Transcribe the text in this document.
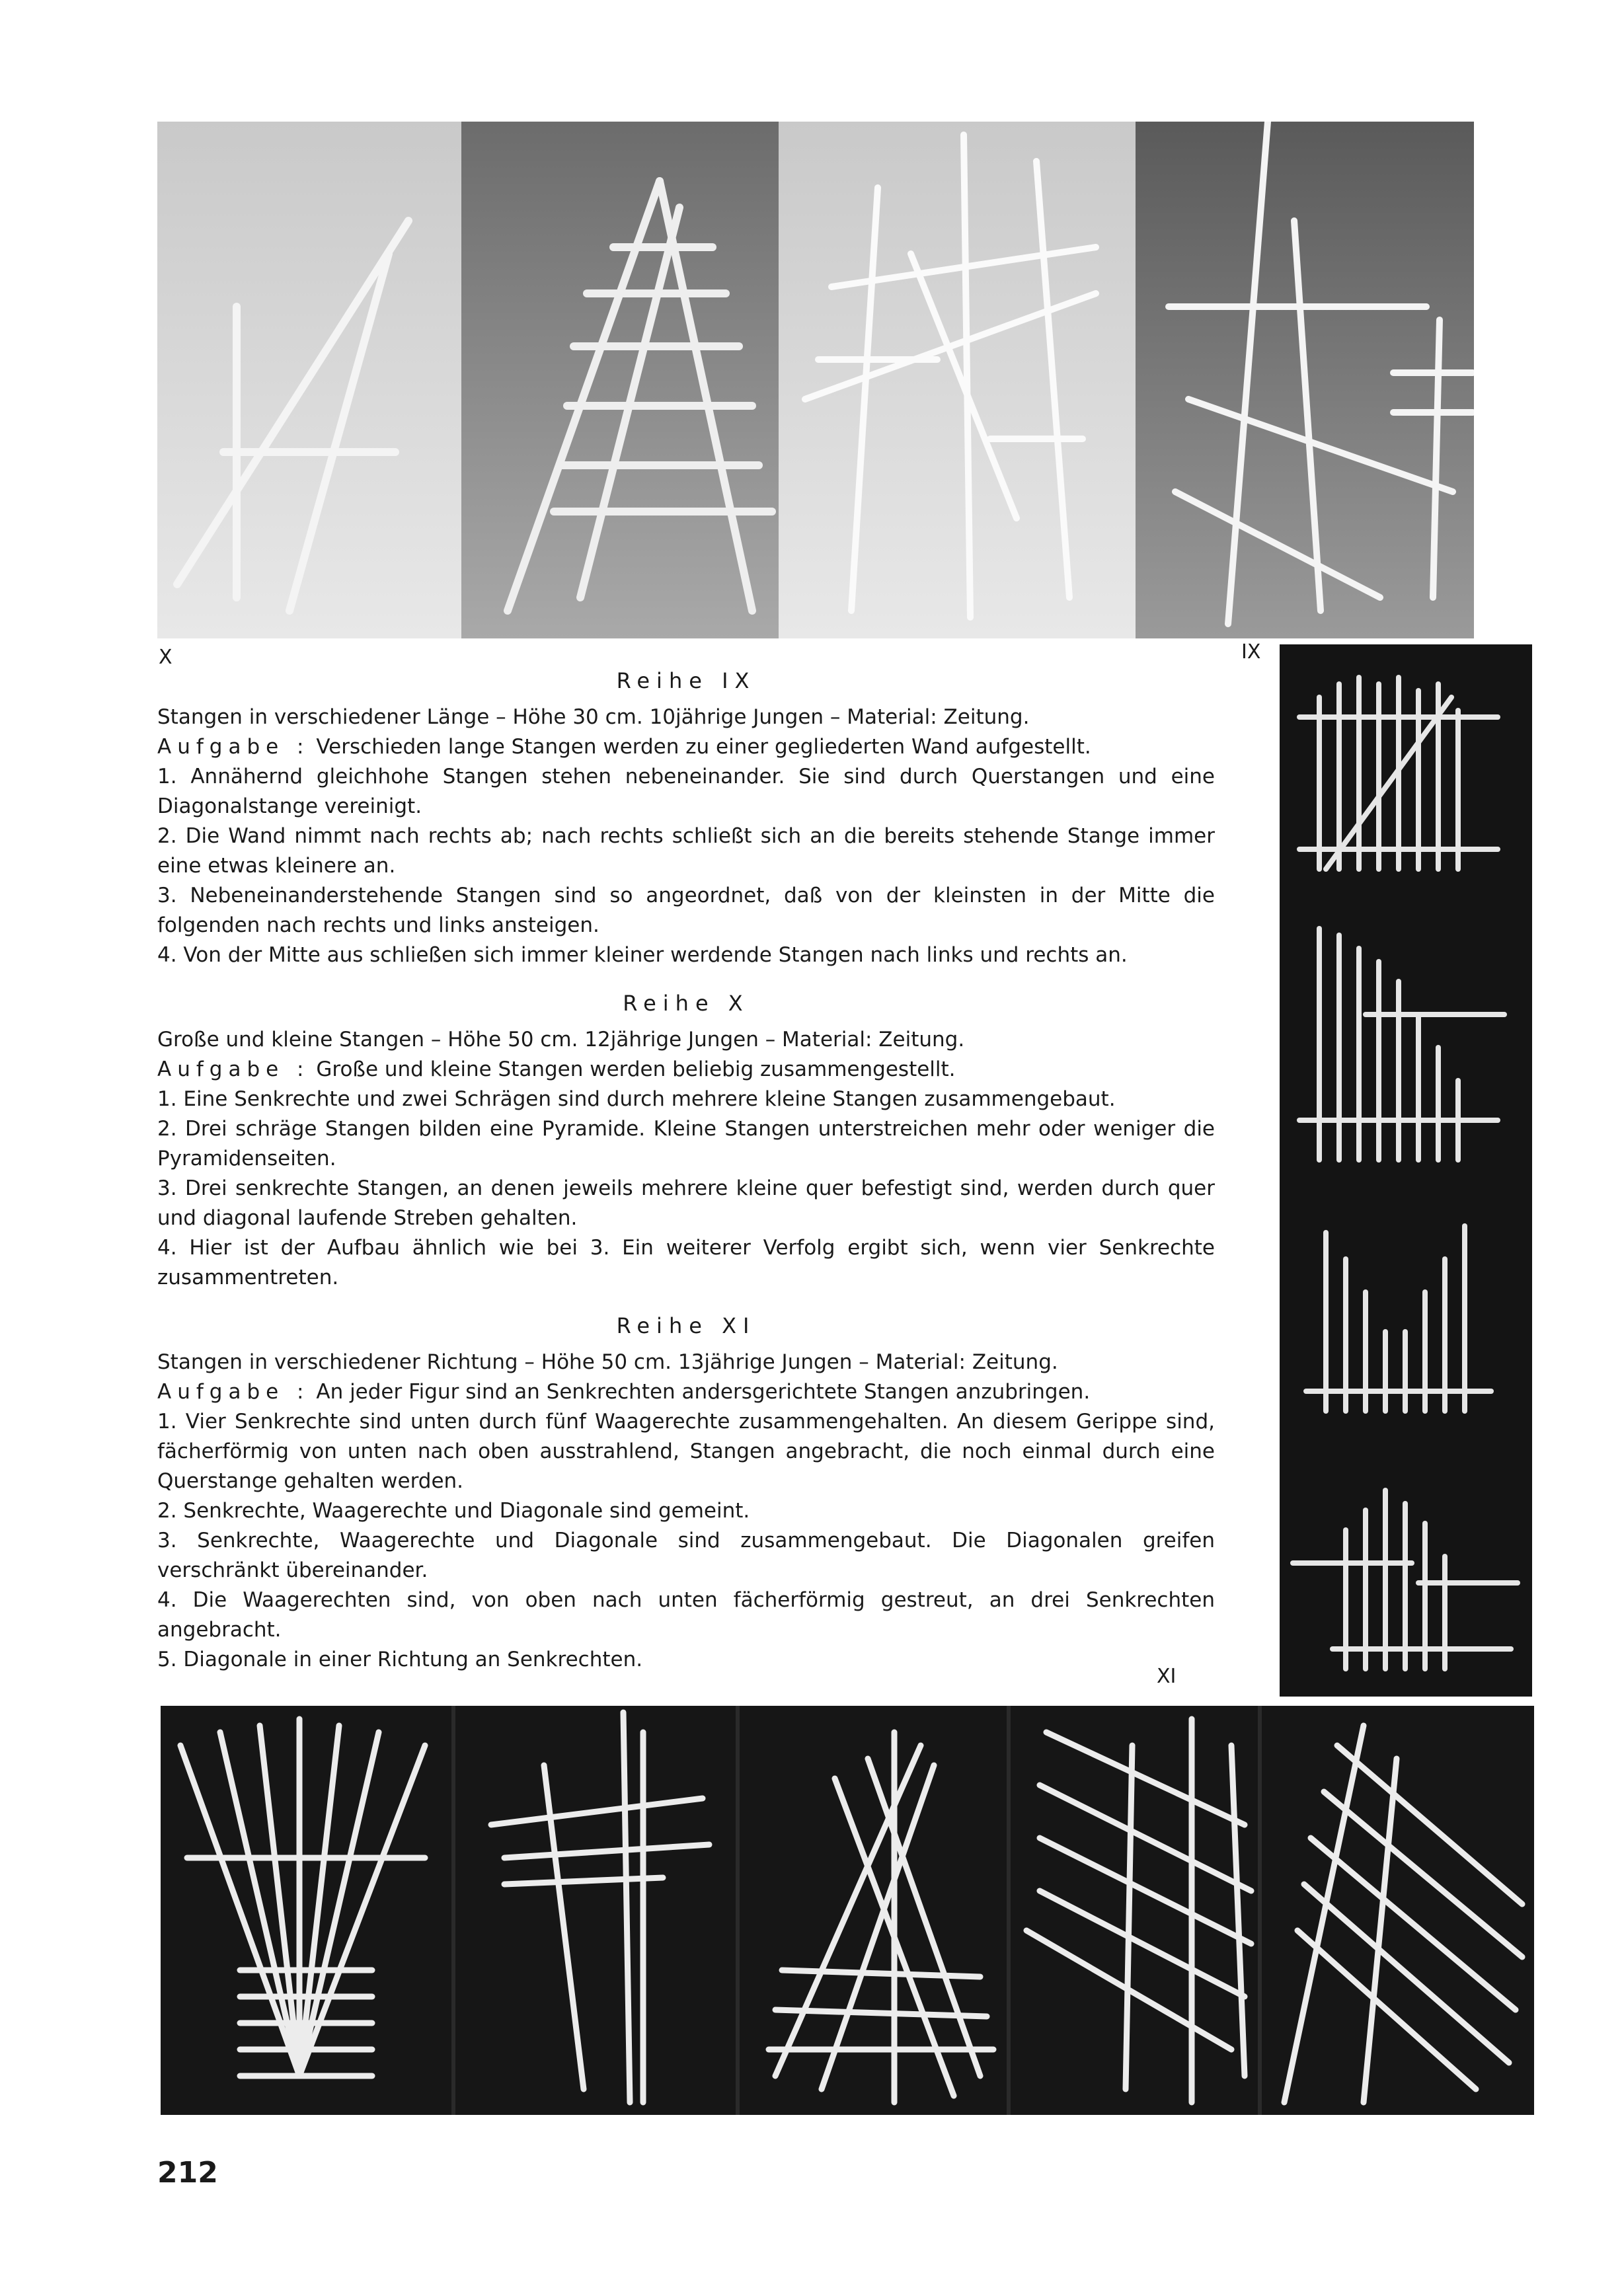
X	IX

Reihe IX

Stangen in verschiedener Länge – Höhe 30 cm. 10jährige Jungen – Material: Zeitung.

Aufgabe : Verschieden lange Stangen werden zu einer gegliederten Wand aufgestellt.

1. Annähernd gleichhohe Stangen stehen nebeneinander. Sie sind durch Querstangen und eine Diagonalstange vereinigt.

2. Die Wand nimmt nach rechts ab; nach rechts schließt sich an die bereits stehende Stange immer eine etwas kleinere an.

3. Nebeneinanderstehende Stangen sind so angeordnet, daß von der kleinsten in der Mitte die folgenden nach rechts und links ansteigen.

4. Von der Mitte aus schließen sich immer kleiner werdende Stangen nach links und rechts an.

Reihe X

Große und kleine Stangen – Höhe 50 cm. 12jährige Jungen – Material: Zeitung.

Aufgabe : Große und kleine Stangen werden beliebig zusammengestellt.

1. Eine Senkrechte und zwei Schrägen sind durch mehrere kleine Stangen zusammengebaut.

2. Drei schräge Stangen bilden eine Pyramide. Kleine Stangen unterstreichen mehr oder weniger die Pyramidenseiten.

3. Drei senkrechte Stangen, an denen jeweils mehrere kleine quer befestigt sind, werden durch quer und diagonal laufende Streben gehalten.

4. Hier ist der Aufbau ähnlich wie bei 3. Ein weiterer Verfolg ergibt sich, wenn vier Senkrechte zusammentreten.

Reihe XI

Stangen in verschiedener Richtung – Höhe 50 cm. 13jährige Jungen – Material: Zeitung.

Aufgabe : An jeder Figur sind an Senkrechten andersgerichtete Stangen anzubringen.

1. Vier Senkrechte sind unten durch fünf Waagerechte zusammengehalten. An diesem Gerippe sind, fächerförmig von unten nach oben ausstrahlend, Stangen angebracht, die noch einmal durch eine Querstange gehalten werden.

2. Senkrechte, Waagerechte und Diagonale sind gemeint.

3. Senkrechte, Waagerechte und Diagonale sind zusammengebaut. Die Diagonalen greifen verschränkt übereinander.

4. Die Waagerechten sind, von oben nach unten fächerförmig gestreut, an drei Senkrechten angebracht.

5. Diagonale in einer Richtung an Senkrechten.

XI
212
